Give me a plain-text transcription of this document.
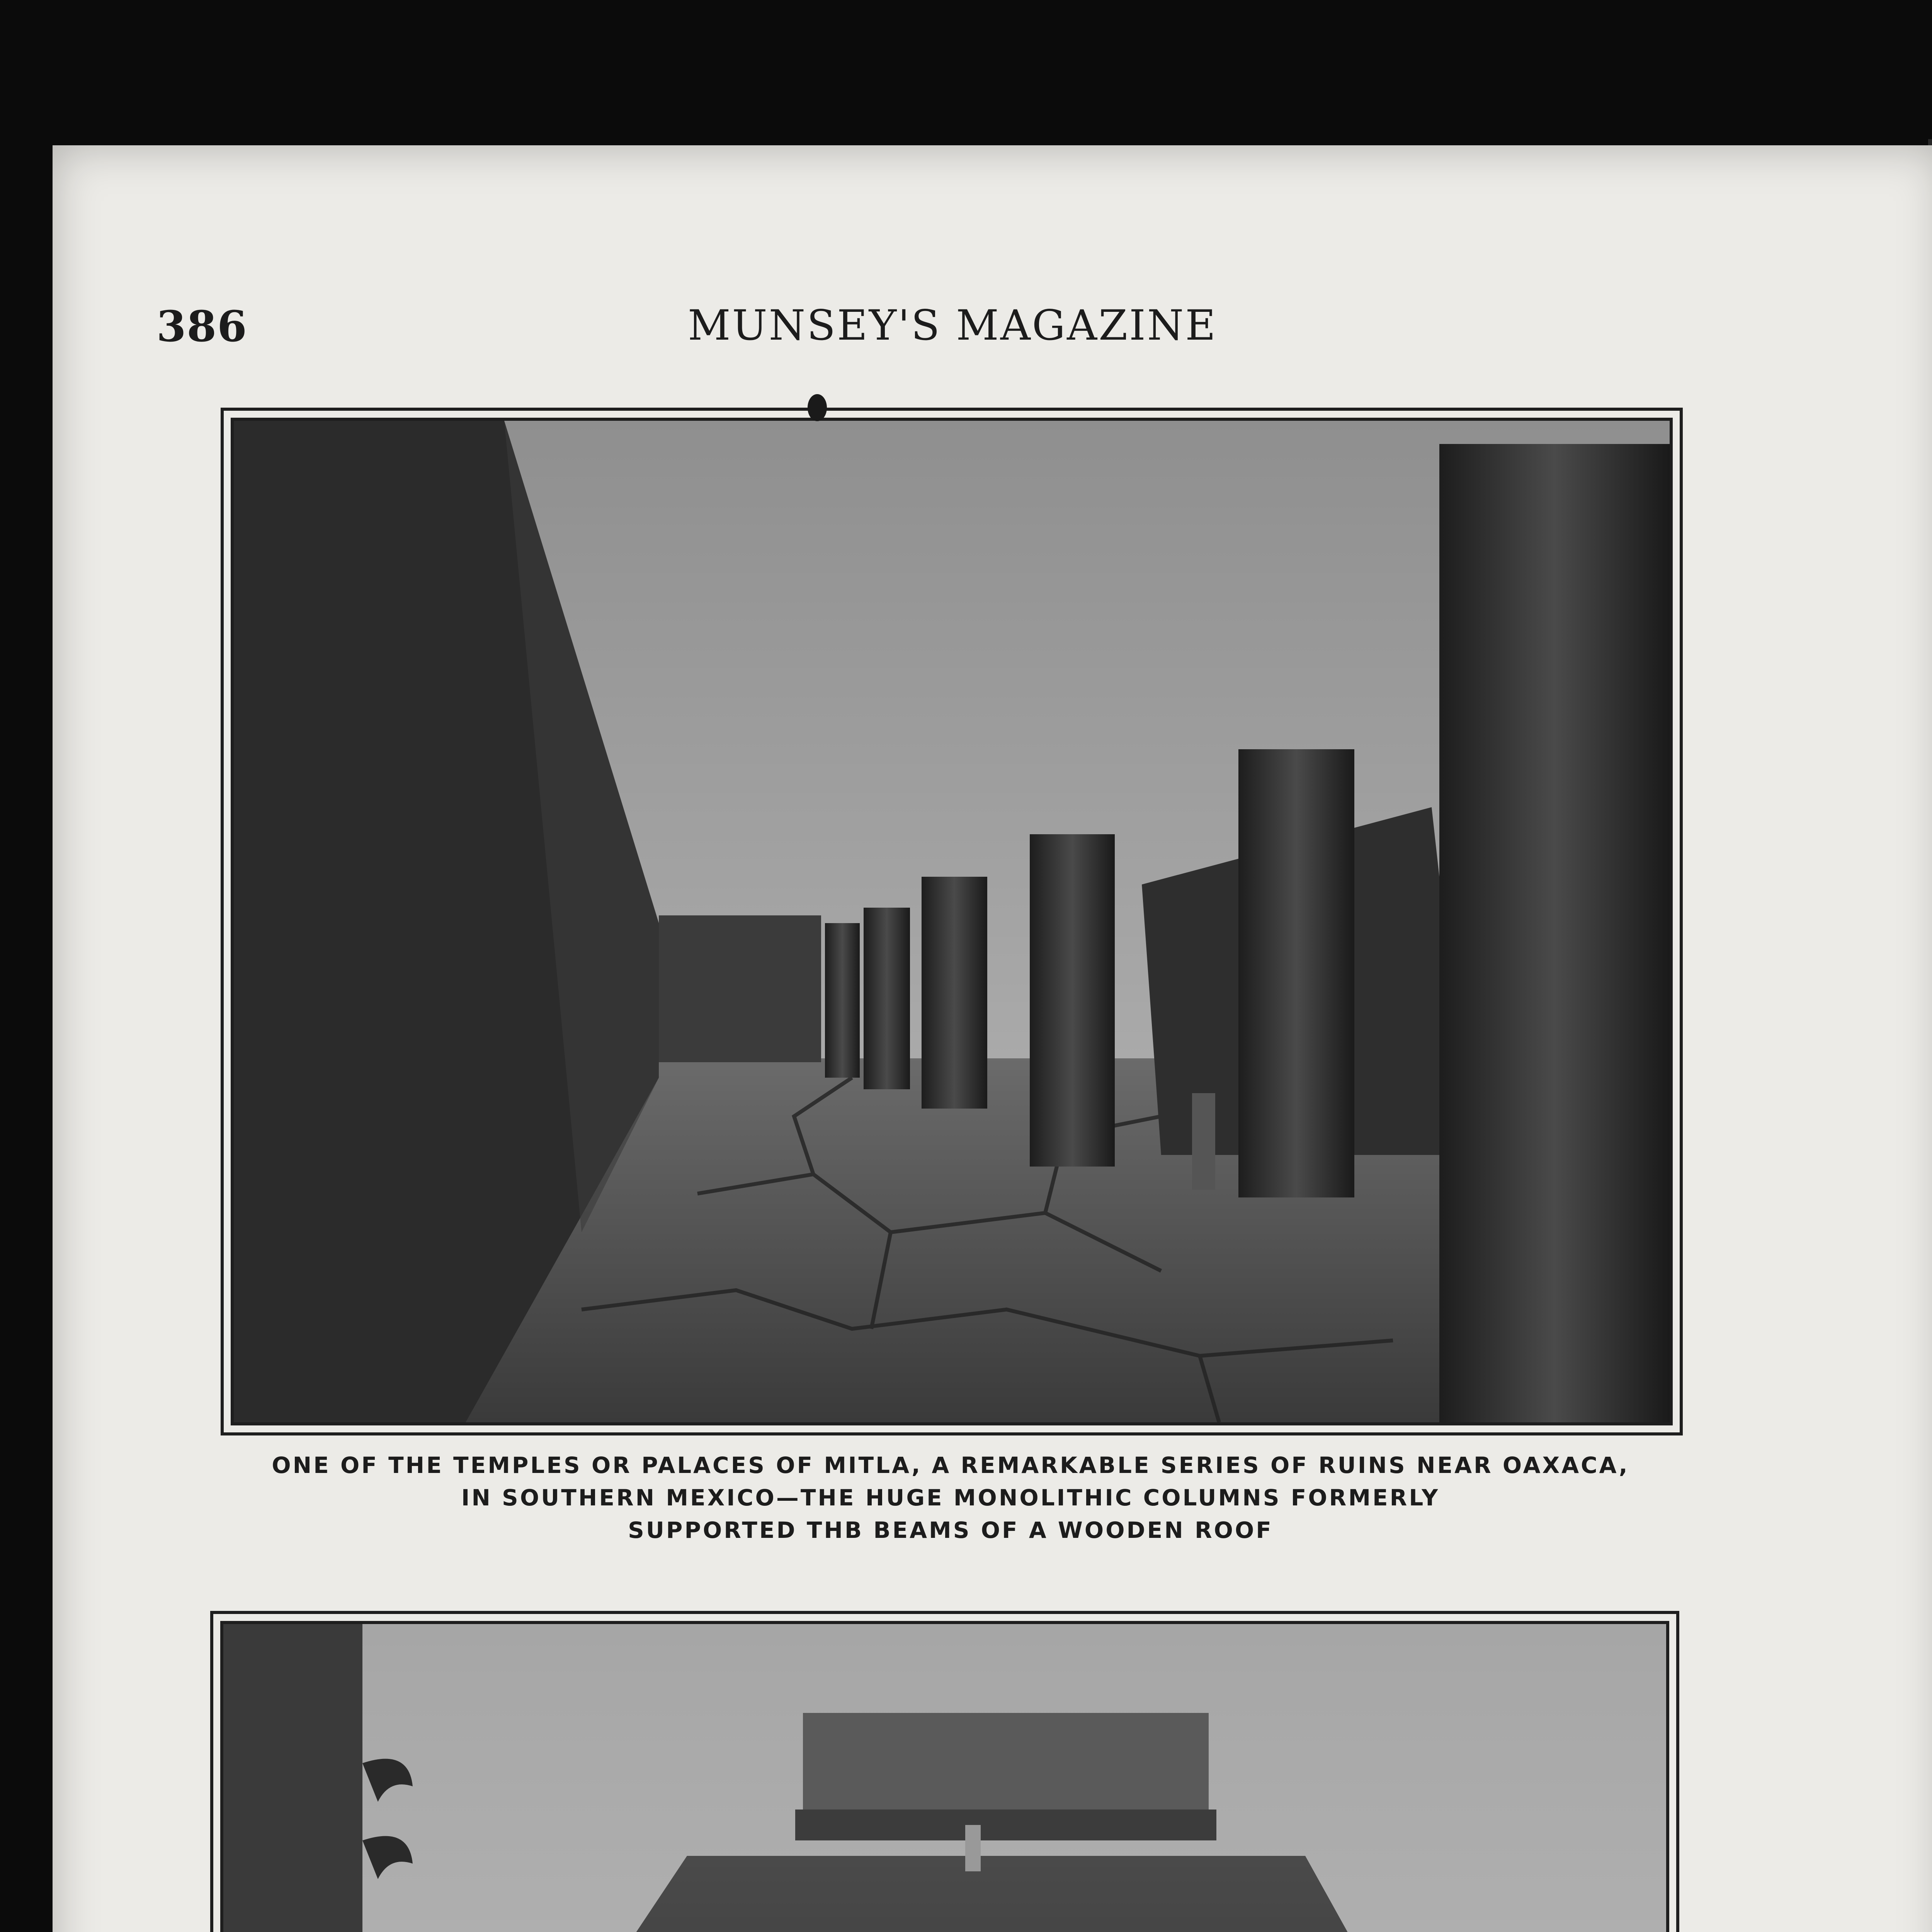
386	MUNSEY'S MAGAZINE
ONE OF THE TEMPLES OR PALACES OF MITLA, A REMARKABLE SERIES OF RUINS NEAR OAXACA,
IN SOUTHERN MEXICO—THE HUGE MONOLITHIC COLUMNS FORMERLY
SUPPORTED THB BEAMS OF A WOODEN ROOF
